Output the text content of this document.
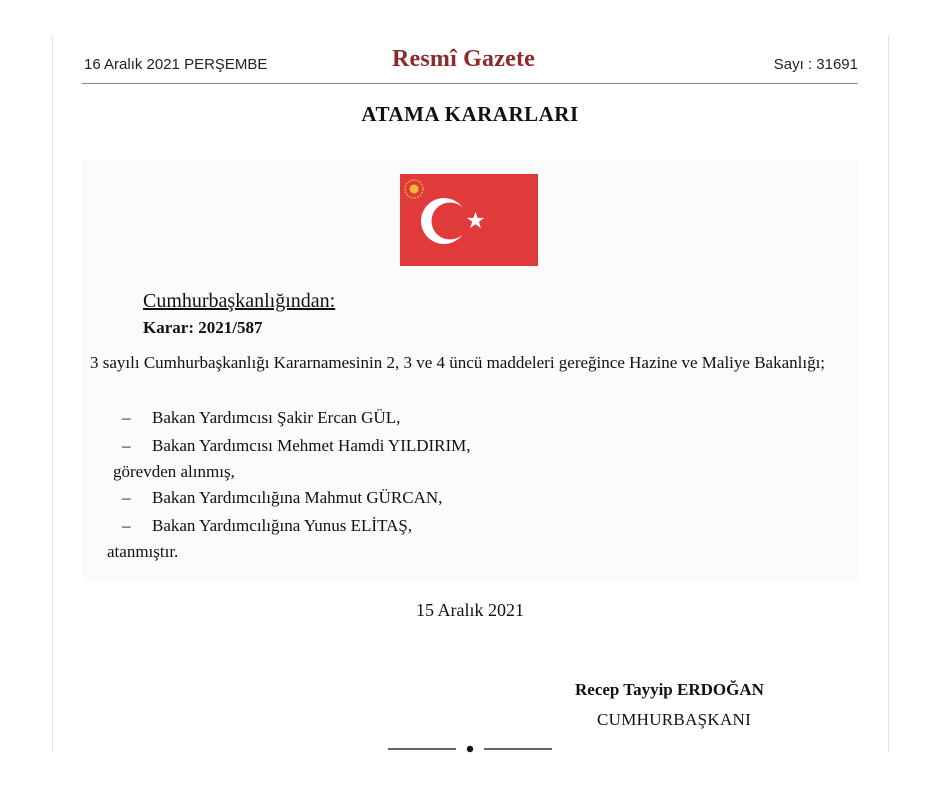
16 Aralık 2021 PERŞEMBE	Resmî Gazete	Sayı : 31691
ATAMA KARARLARI
Cumhurbaşkanlığından:
Karar: 2021/587
3 sayılı Cumhurbaşkanlığı Kararnamesinin 2, 3 ve 4 üncü maddeleri gereğince Hazine ve Maliye Bakanlığı;
– Bakan Yardımcısı Şakir Ercan GÜL,
– Bakan Yardımcısı Mehmet Hamdi YILDIRIM,
görevden alınmış,
– Bakan Yardımcılığına Mahmut GÜRCAN,
– Bakan Yardımcılığına Yunus ELİTAŞ,
atanmıştır.
15 Aralık 2021
Recep Tayyip ERDOĞAN
CUMHURBAŞKANI
